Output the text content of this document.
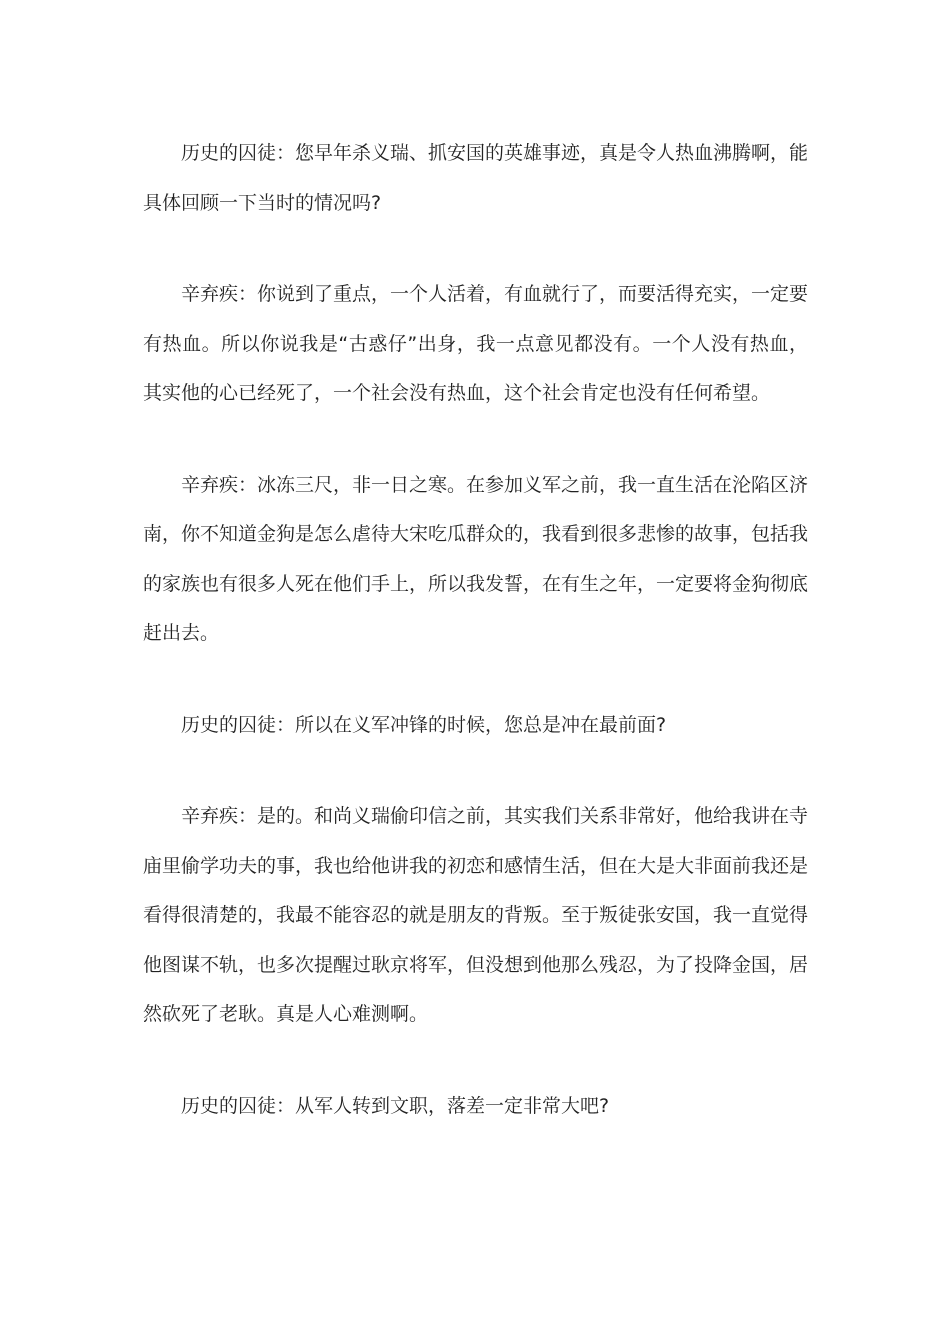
历史的囚徒：您早年杀义瑞、抓安国的英雄事迹，真是令人热血沸腾啊，能具体回顾一下当时的情况吗?

辛弃疾：你说到了重点，一个人活着，有血就行了，而要活得充实，一定要有热血。所以你说我是“古惑仔”出身，我一点意见都没有。一个人没有热血，其实他的心已经死了，一个社会没有热血，这个社会肯定也没有任何希望。

辛弃疾：冰冻三尺，非一日之寒。在参加义军之前，我一直生活在沦陷区济南，你不知道金狗是怎么虐待大宋吃瓜群众的，我看到很多悲惨的故事，包括我的家族也有很多人死在他们手上，所以我发誓，在有生之年，一定要将金狗彻底赶出去。

历史的囚徒：所以在义军冲锋的时候，您总是冲在最前面?

辛弃疾：是的。和尚义瑞偷印信之前，其实我们关系非常好，他给我讲在寺庙里偷学功夫的事，我也给他讲我的初恋和感情生活，但在大是大非面前我还是看得很清楚的，我最不能容忍的就是朋友的背叛。至于叛徒张安国，我一直觉得他图谋不轨，也多次提醒过耿京将军，但没想到他那么残忍，为了投降金国，居然砍死了老耿。真是人心难测啊。

历史的囚徒：从军人转到文职，落差一定非常大吧?
